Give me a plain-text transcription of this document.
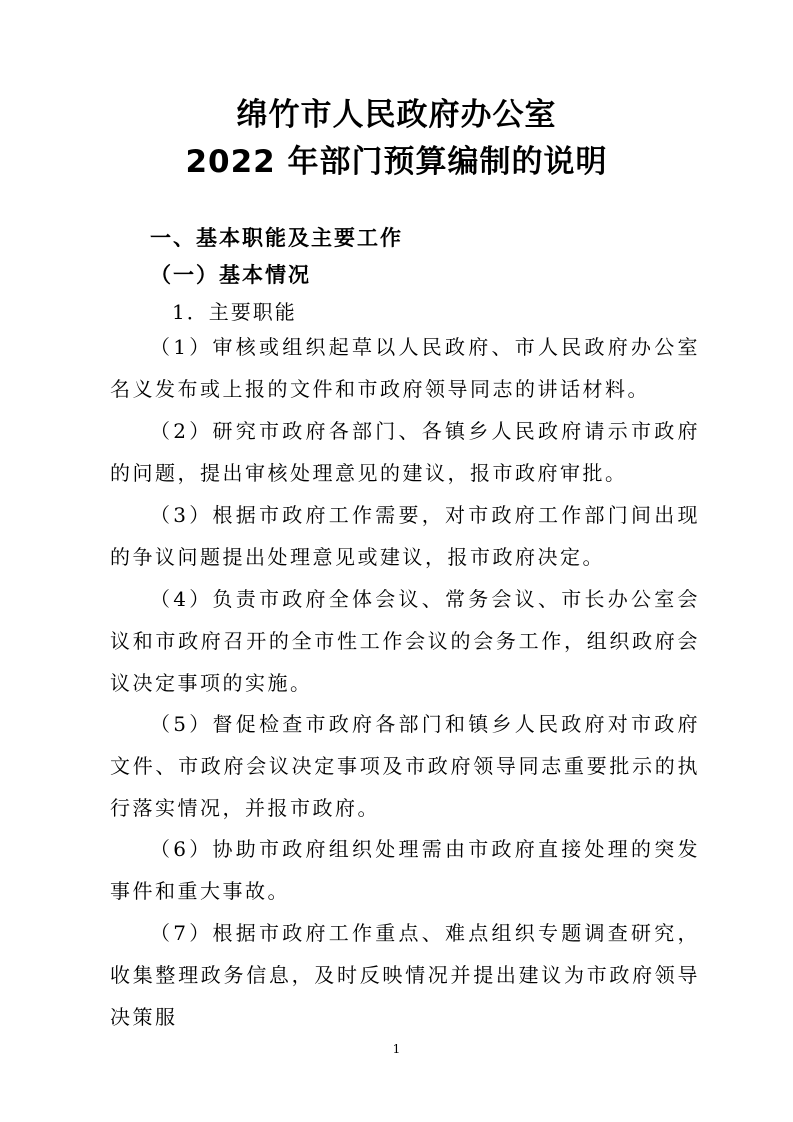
绵竹市人民政府办公室
2022 年部门预算编制的说明
一、基本职能及主要工作
（一）基本情况
1．主要职能
（1）审核或组织起草以人民政府、市人民政府办公室名义发布或上报的文件和市政府领导同志的讲话材料。
（2）研究市政府各部门、各镇乡人民政府请示市政府的问题，提出审核处理意见的建议，报市政府审批。
（3）根据市政府工作需要，对市政府工作部门间出现的争议问题提出处理意见或建议，报市政府决定。
（4）负责市政府全体会议、常务会议、市长办公室会议和市政府召开的全市性工作会议的会务工作，组织政府会议决定事项的实施。
（5）督促检查市政府各部门和镇乡人民政府对市政府文件、市政府会议决定事项及市政府领导同志重要批示的执行落实情况，并报市政府。
（6）协助市政府组织处理需由市政府直接处理的突发事件和重大事故。
（7）根据市政府工作重点、难点组织专题调查研究，收集整理政务信息，及时反映情况并提出建议为市政府领导决策服
1
